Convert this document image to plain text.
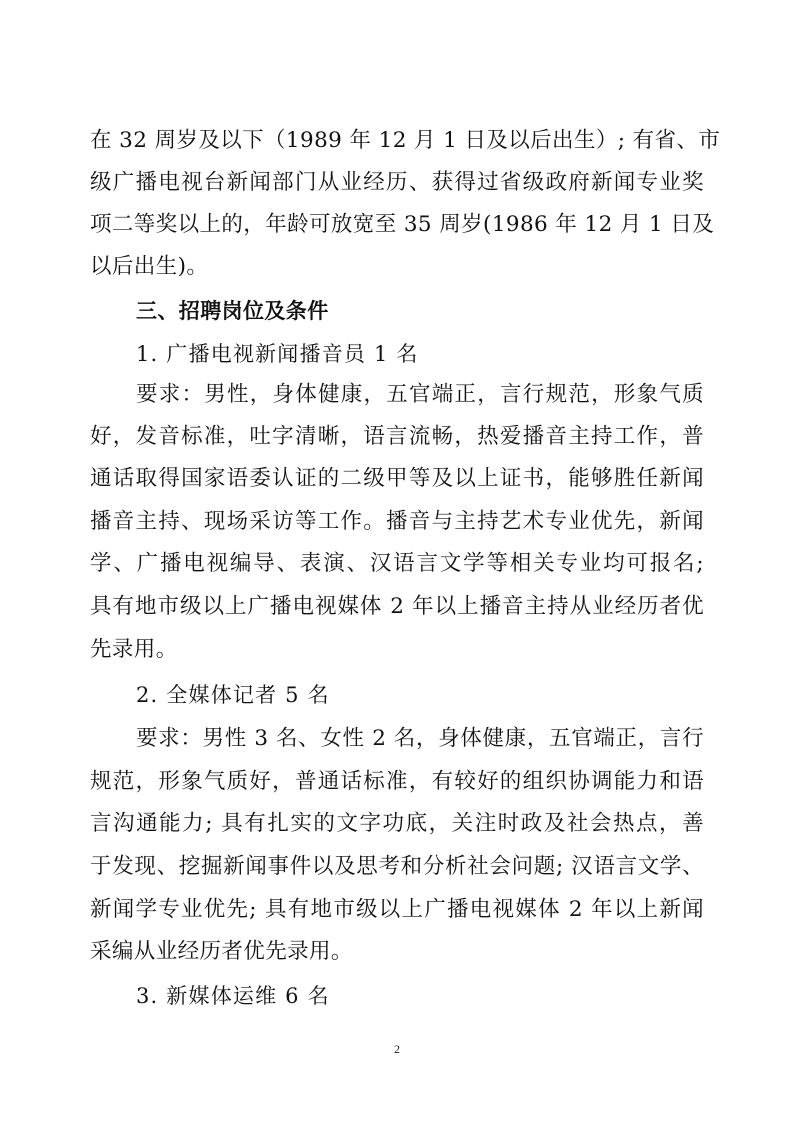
在 32 周岁及以下（1989 年 12 月 1 日及以后出生）; 有省、市
级广播电视台新闻部门从业经历、获得过省级政府新闻专业奖
项二等奖以上的，年龄可放宽至 35 周岁(1986 年 12 月 1 日及
以后出生)。
三、招聘岗位及条件
1. 广播电视新闻播音员 1 名
要求：男性，身体健康，五官端正，言行规范，形象气质
好，发音标准，吐字清晰，语言流畅，热爱播音主持工作，普
通话取得国家语委认证的二级甲等及以上证书，能够胜任新闻
播音主持、现场采访等工作。播音与主持艺术专业优先，新闻
学、广播电视编导、表演、汉语言文学等相关专业均可报名;
具有地市级以上广播电视媒体 2 年以上播音主持从业经历者优
先录用。
2. 全媒体记者 5 名
要求：男性 3 名、女性 2 名，身体健康，五官端正，言行
规范，形象气质好，普通话标准，有较好的组织协调能力和语
言沟通能力; 具有扎实的文字功底，关注时政及社会热点，善
于发现、挖掘新闻事件以及思考和分析社会问题; 汉语言文学、
新闻学专业优先; 具有地市级以上广播电视媒体 2 年以上新闻
采编从业经历者优先录用。
3. 新媒体运维 6 名
2
